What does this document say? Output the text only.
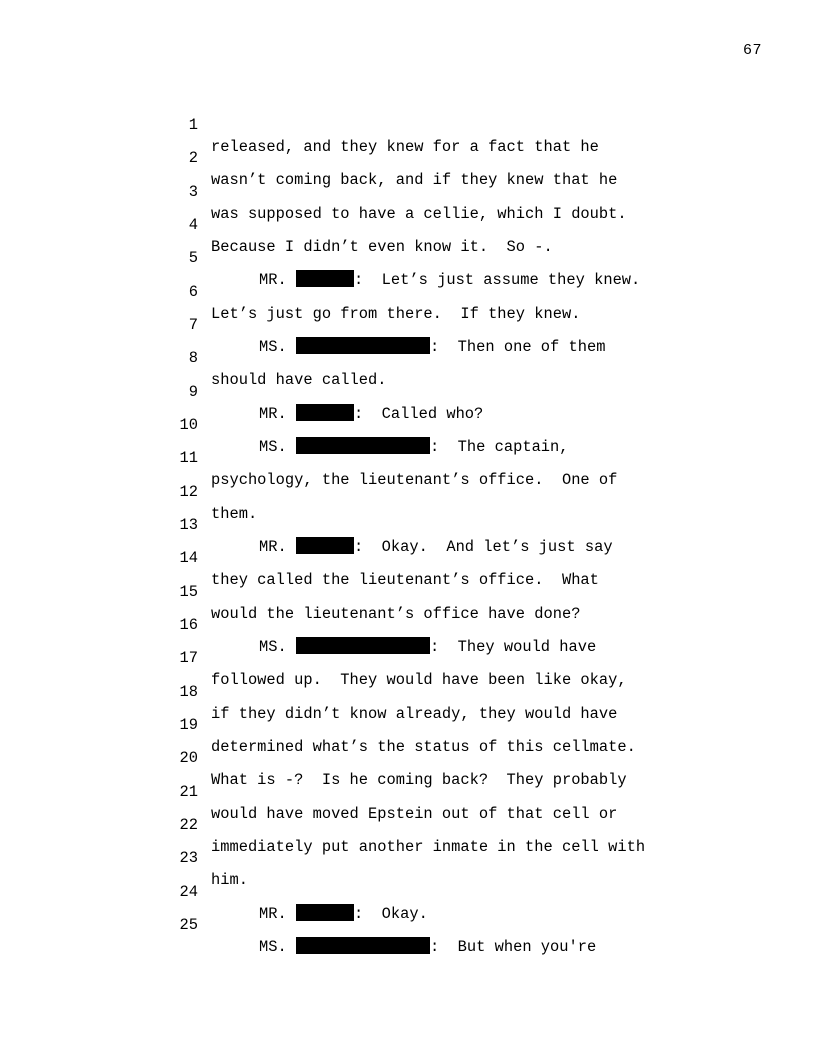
67

1

released, and they knew for a fact that he

2

wasn’t coming back, and if they knew that he

3

was supposed to have a cellie, which I doubt.

4

Because I didn’t even know it.  So -.

5

MR.	:  Let’s just assume they knew.

6

Let’s just go from there.  If they knew.

7

MS.	:  Then one of them

8

should have called.

9

MR.	:  Called who?

10

MS.	:  The captain,

11

psychology, the lieutenant’s office.  One of

12

them.

13

MR.	:  Okay.  And let’s just say

14

they called the lieutenant’s office.  What

15

would the lieutenant’s office have done?

16

MS.	:  They would have

17

followed up.  They would have been like okay,

18

if they didn’t know already, they would have

19

determined what’s the status of this cellmate.

20

What is -?  Is he coming back?  They probably

21

would have moved Epstein out of that cell or

22

immediately put another inmate in the cell with

23

him.

24

MR.	:  Okay.

25

MS.	:  But when you're
